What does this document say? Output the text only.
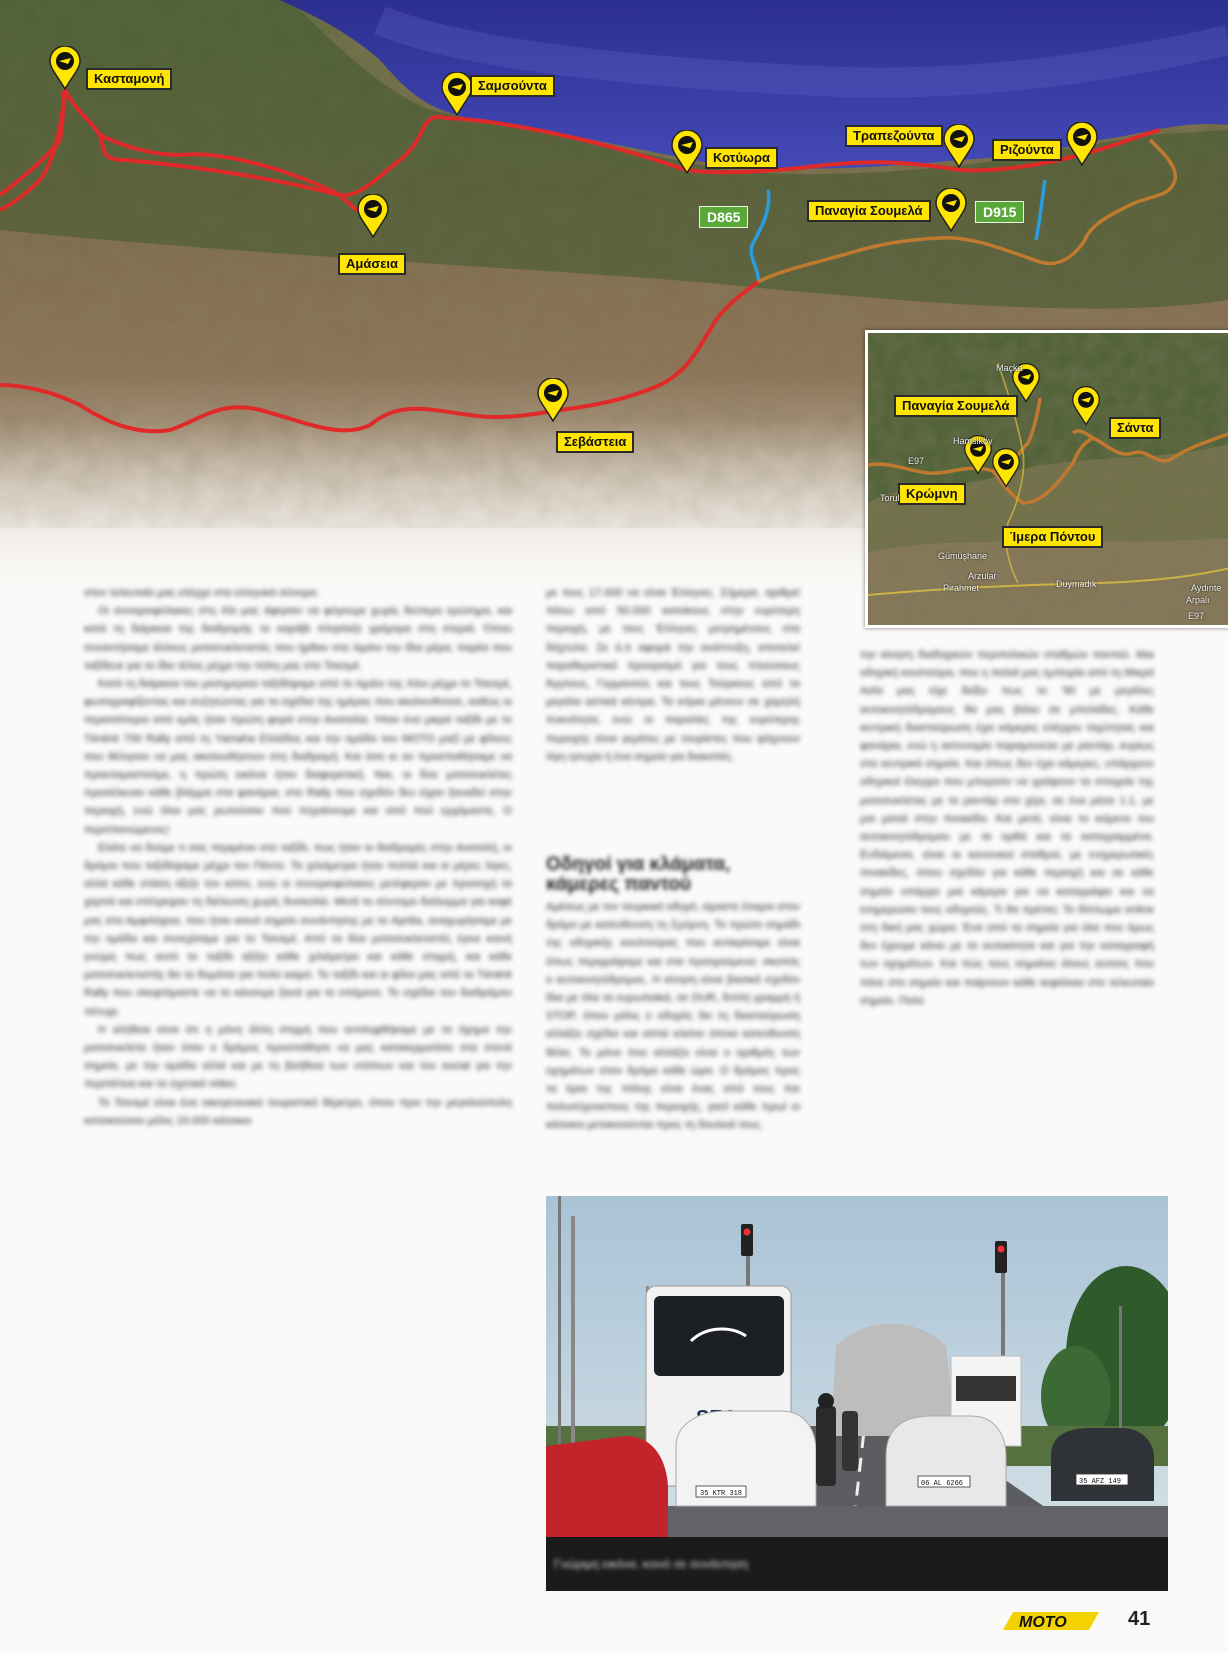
Κασταμονή	Σαμσούντα
Αμάσεια
Κοτύωρα
Τραπεζούντα
Ριζούντα
Παναγία Σουμελά
Σεβάστεια
D865	D915
Παναγία Σουμελά
Σάντα
Κρώμνη
Ίμερα Πόντου
Maçka
Hamsiköy
E97
Torul
Gümüşhane
Arzular
Pirahmet	Duymadık	Aydınte
Arpalı
E97

στον τελευταίο μας ελέγχο στα ελληνικά σύνορα.

Οι συνοριοφύλακες στη Χίο μας άφησαν να φύγουμε χωρίς δεύτερο ερώτημα, και κατά τη διάρκεια της διαδρομής το καράβι πλησίαζε γρήγορα στη στεριά. Όπου συναντήσαμε άλλους μοτοσυκλετιστές που ήρθαν στο λιμάνι την ίδια μέρα, παρέα που ταξίδευε για το ίδιο τέλος μέχρι την πόλη μας στο Τσεσμέ.

Κατά τη διάρκεια του μεσημεριού ταξιδέψαμε από το λιμάνι της Χίου μέχρι το Τσεσμέ, φωτογραφίζοντας και συζητώντας για τα σχέδια της ημέρας που ακολουθούσε, καθώς οι περισσότεροι από εμάς ήταν πρώτη φορά στην Ανατολία. Ήταν ένα μικρό ταξίδι με το Ténéré 700 Rally από τη Yamaha Ελλάδος και την ομάδα του ΜΟΤΟ μαζί με φίλους που θέλησαν να μας ακολουθήσουν στη διαδρομή. Και όσο κι αν προσπαθήσαμε να προετοιμαστούμε, η πρώτη εικόνα ήταν διαφορετική. Ναι, οι δύο μοτοσυκλέτες προσέλκυαν κάθε βλέμμα στα φανάρια, στο Rally που σχεδόν δεν είχαν ξαναδεί στην περιοχή, ενώ όλοι μας ρωτούσαν πού πηγαίνουμε και από πού ερχόμαστε, Ο περιπλανώμενος!

Ελάτε να δούμε τι σας περιμένει στο ταξίδι, πως ήταν οι διαδρομές στην Ανατολή, οι δρόμοι που ταξιδέψαμε μέχρι τον Πόντο. Τα χιλιόμετρα ήταν πολλά και οι μέρες λίγες, αλλά κάθε στάση άξιζε τον κόπο, ενώ οι συνοριοφύλακες μετέφεραν με προσοχή τα χαρτιά και επέτρεψαν τη διέλευση χωρίς δυσκολία. Μετά το σύντομο διάλειμμα για καφέ μας στα Αμφιλόχεια, που ήταν κοινό σημείο συνάντησης με τα Aprilia, αναχωρήσαμε με την ομάδα και συνεχίσαμε για το Τσεσμέ. Από τα δύο μοτοσυκλετιστές έγινε κοινή γνώμη πως αυτό το ταξίδι αξίζει κάθε χιλιόμετρο και κάθε στιγμή, και κάθε μοτοσυκλετιστής θα το θυμάται για πολύ καιρό. Το ταξίδι και οι φίλοι μας από το Ténéré Rally που σκεφτόμαστε να το κάνουμε ξανά για το επόμενο. Το σχέδιο του διαδρόμου πέτυχε.

Η αλήθεια είναι ότι η μόνη άλλη στιγμή που αντιληφθήκαμε με τα όχημα την μοτοσυκλέτα ήταν όταν ο δρόμος προσπάθησε να μας κατακερματίσει στα στενά σημεία, με την ομάδα αλλά και με τη βοήθεια των ντόπιων και του social για την περιπέτεια και τα σχετικά video.

Το Τσεσμέ είναι ένα οικογενειακό τουριστικό θέρετρο, όπου πριν την μεγαλούπολη κατοικούσαν μόλις 19.000 κάτοικοι

με τους 17.000 να είναι Έλληνες. Σήμερα, αριθμεί πάνω από 50.000 κατοίκους στην ευρύτερη περιοχή, με τους Έλληνες μετρημένους στα δάχτυλα. Σε ό,τι αφορά την ανάπτυξη, αποτελεί παραθεριστικό προορισμό για τους πλούσιους Άγγλους, Γερμανούς και τους Τούρκους από τα μεγάλα αστικά κέντρα. Τα κτίρια μένουν σε χαμηλή πυκνότητα, ενώ οι παραλίες της ευρύτερης περιοχής είναι γεμάτες με τουρίστες που ψάχνουν λίγη ησυχία ή ένα σημείο για διακοπές.

Οδηγοί για κλάματα, κάμερες παντού

Αμέσως με τον τουρκικό οδηγό, είμαστε έτοιμοι στον δρόμο με κατεύθυνση τη Σμύρνη. Το πρώτο σημάδι της οδηγικής κουλτούρας που αντικρίσαμε είναι όπως περιγράψαμε και στα προηγούμενα: σκοπός ο αυτοκινητόδρομος. Η κίνηση είναι βασικά σχεδόν ίδια με όλα τα ευρωπαϊκά, σε DUR, διπλή γραμμή ή STOP, όπου μόλις ο οδηγός δει τη διασταύρωση αλλάζει σχέδιο και απλά κλείνει όποια κατεύθυνση θέλει. Το μόνο που αλλάζει είναι ο αριθμός των οχημάτων στον δρόμο κάθε ώρα. Ο δρόμος προς τα όρια της πόλης είναι ένας από τους πιο πολυσύχναστους της περιοχής, γιατί κάθε πρωί οι κάτοικοι μετακινούνται προς τη δουλειά τους.

την κίνηση διαδοχικών περιπολικών σταθμών παντού. Μια οδηγική κουλτούρα, που η παλιά μας εμπειρία από τη Μικρά Ασία μας είχε δείξει πως το '90 με μεγάλες αυτοκινητόδρομους θα μας βάλει σε μπελάδες. Κάθε κεντρική διασταύρωση έχει κάμερες ελέγχου ταχύτητας και φανάρια, ενώ η αστυνομία παραμονεύει με ραντάρ, κυρίως στα κεντρικά σημεία. Και όπως δεν έχει κάμερες, υπάρχουν οδηγικοί έλεγχοι που μπορούν να γράψουν τα στοιχεία της μοτοσυκλέτας με το ραντάρ στο χέρι, σε ένα μέσο 1:1, με μια ματιά στην πινακίδα. Και μετά, είναι το κείμενο του αυτοκινητόδρομου με τα ορθά και τα καταγραμμένα. Ενδιάμεσα, είναι οι κανονικοί σταθμοί, με ενημερωτικές πινακίδες, όπου σχεδόν για κάθε περιοχή και σε κάθε σημείο υπάρχει μια κάμερα για να καταγράψει και να ενημερώσει τους οδηγούς. Τι θα πρέπει; Το δίπλωμα online στη δική μας χώρα; Ένα από τα σημεία για όλα που όμως δεν έχουμε κάνει με τα αυτοκίνητα και για την καταγραφή των οχημάτων. Και πώς τους σημαίνει όλους αυτούς που πάνε στο σημείο και παίρνουν κάθε κεφάλαιο στο τελευταίο σημείο. Πολύ

35 KTR 318
06 AL 6266	35 AFZ 149
Γνώριμη εικόνα, κοινό σε συνάντηση
MOTO	41
